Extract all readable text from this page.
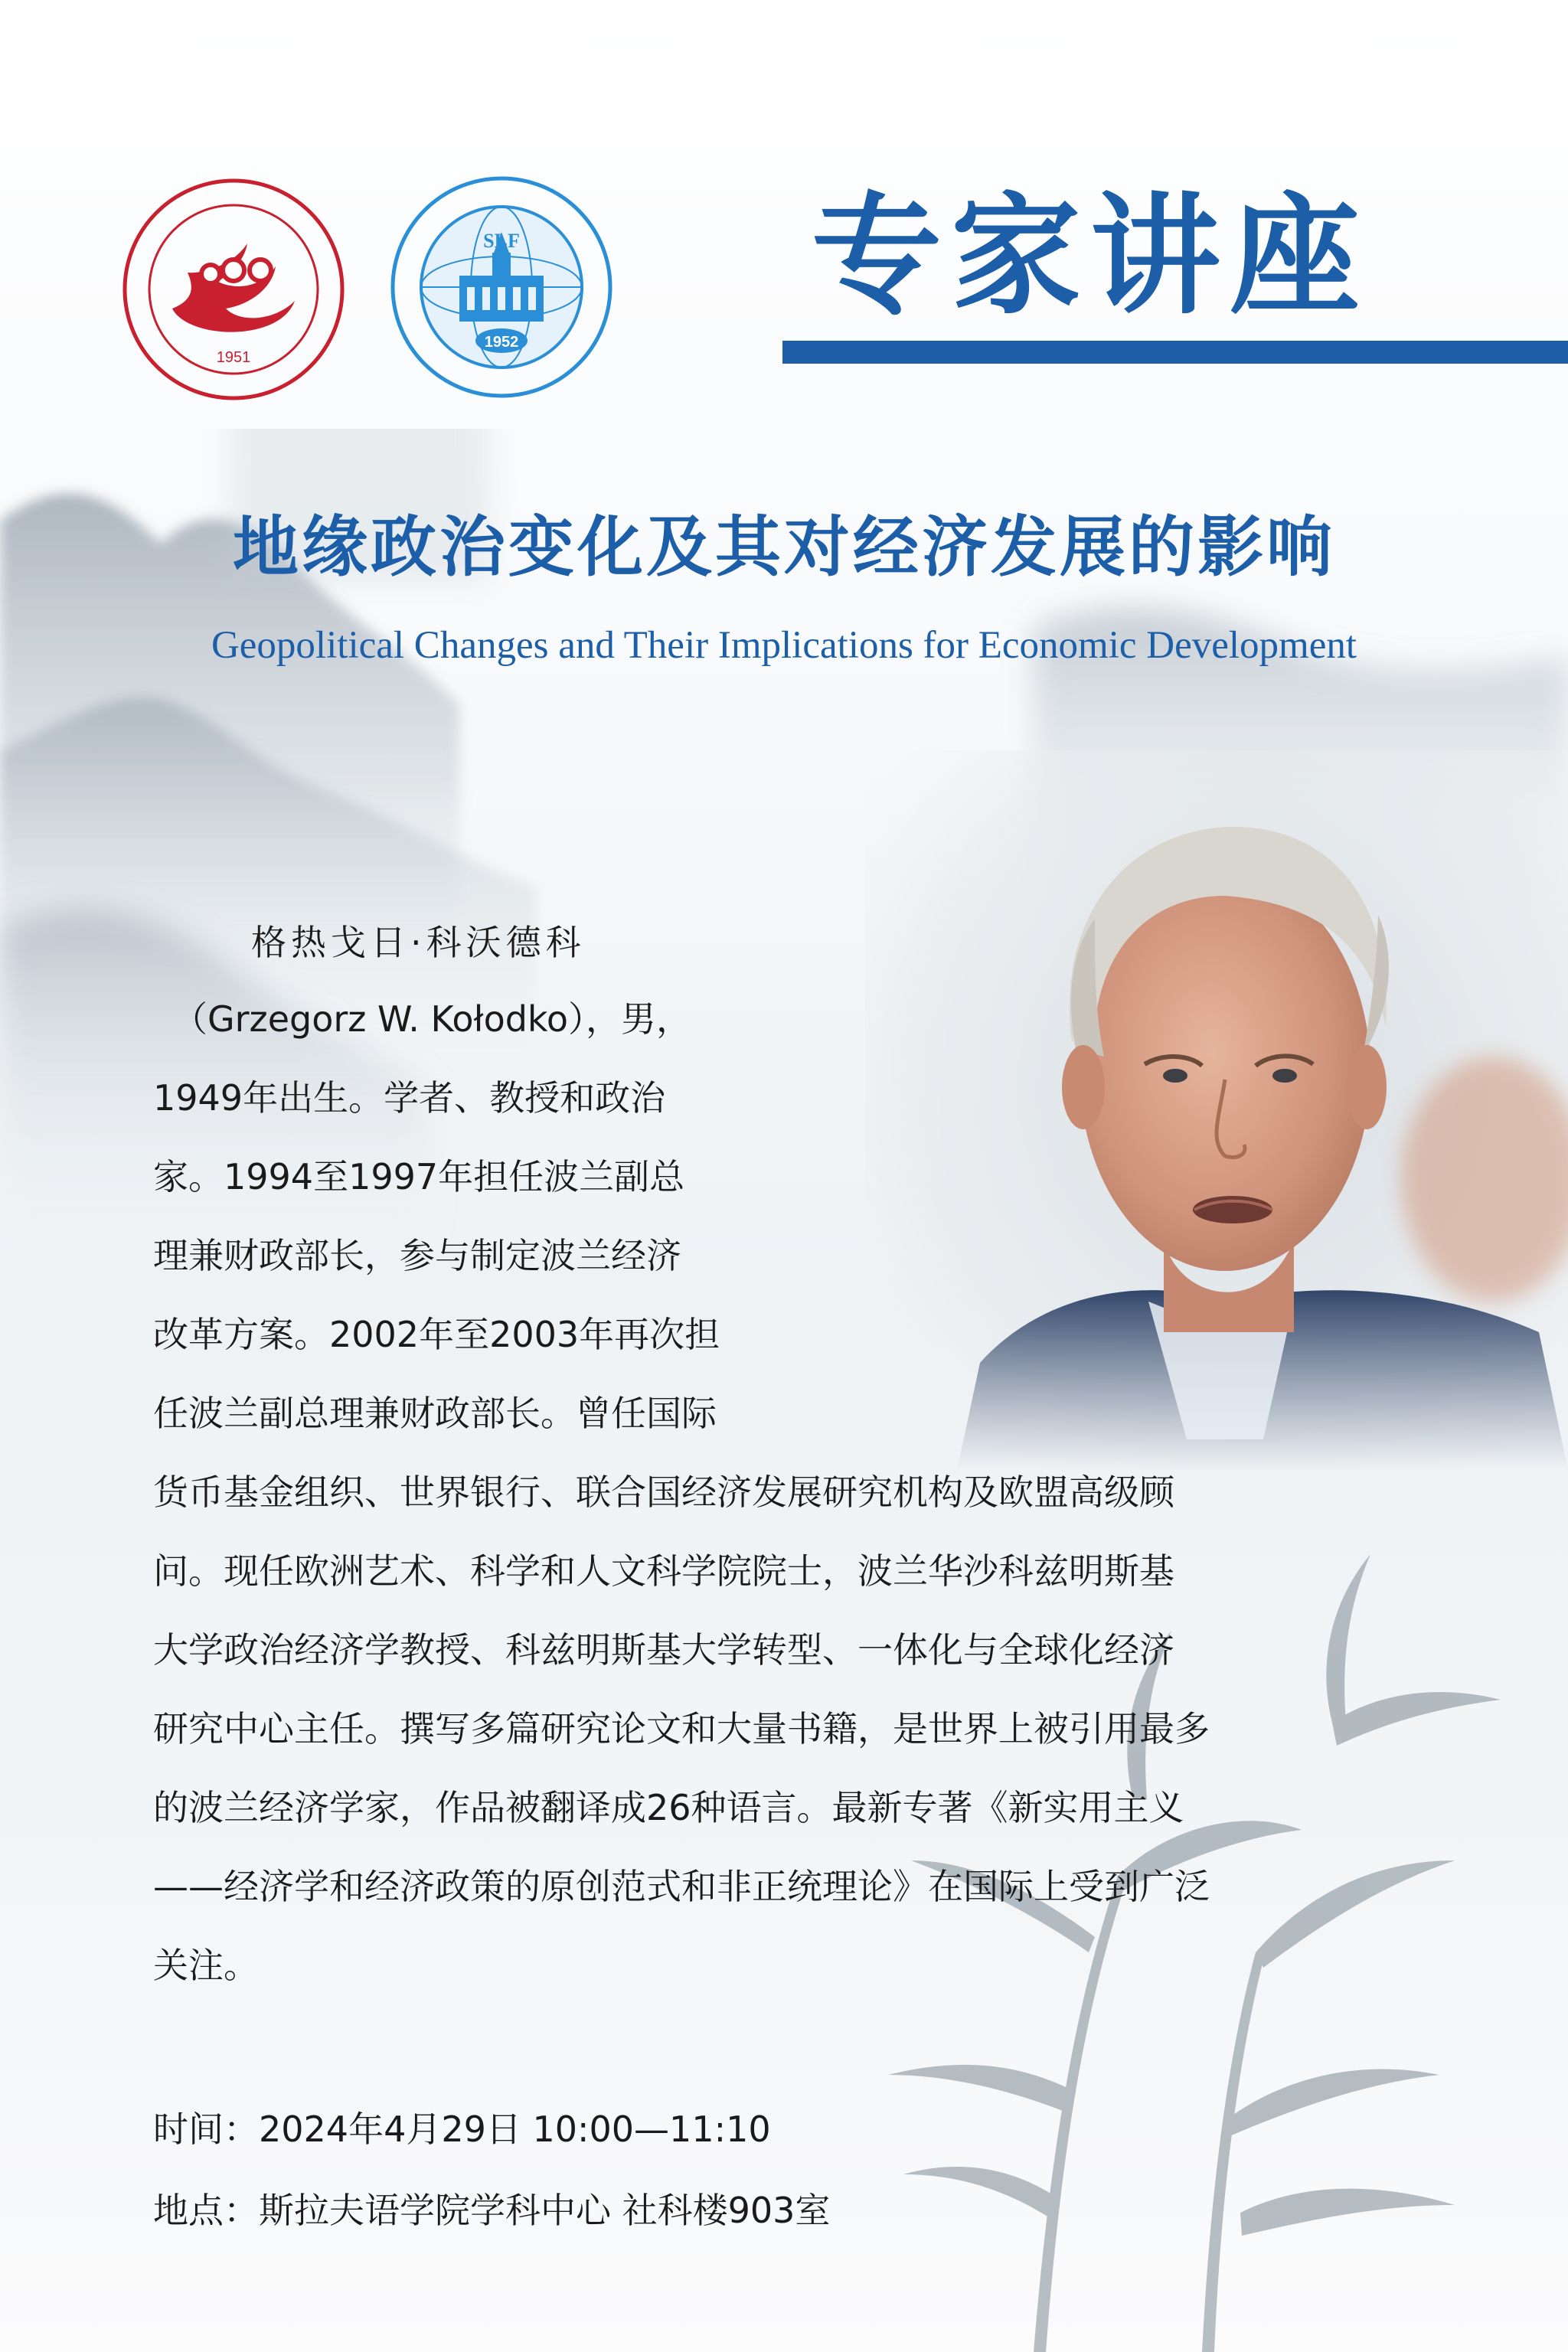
1951
SLF
1952
专家讲座
地缘政治变化及其对经济发展的影响
Geopolitical Changes and Their Implications for Economic Development
格热戈日·科沃德科
（Grzegorz W. Kołodko），男，
1949年出生。学者、教授和政治
家。1994至1997年担任波兰副总
理兼财政部长，参与制定波兰经济
改革方案。2002年至2003年再次担
任波兰副总理兼财政部长。曾任国际
货币基金组织、世界银行、联合国经济发展研究机构及欧盟高级顾
问。现任欧洲艺术、科学和人文科学院院士，波兰华沙科兹明斯基
大学政治经济学教授、科兹明斯基大学转型、一体化与全球化经济
研究中心主任。撰写多篇研究论文和大量书籍，是世界上被引用最多
的波兰经济学家，作品被翻译成26种语言。最新专著《新实用主义
——经济学和经济政策的原创范式和非正统理论》在国际上受到广泛
关注。
时间：2024年4月29日 10:00—11:10
地点：斯拉夫语学院学科中心 社科楼903室
